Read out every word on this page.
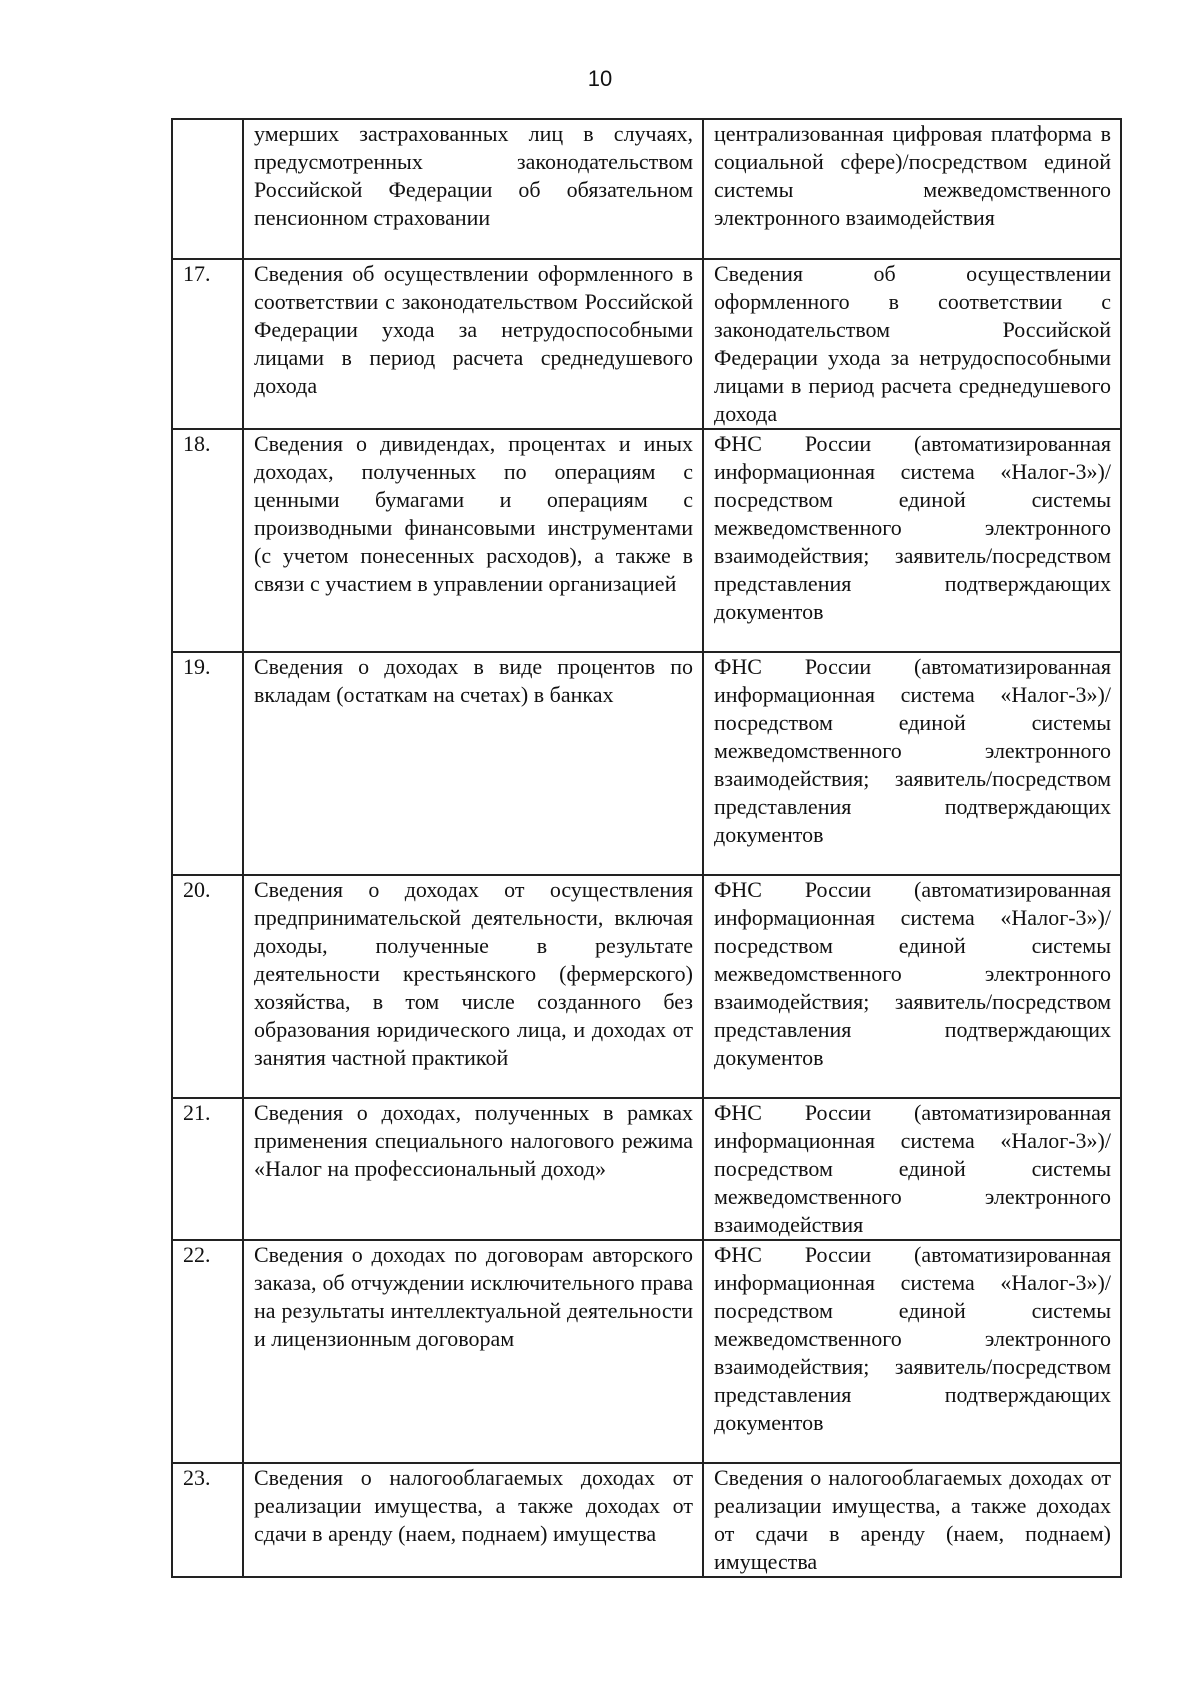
10
	умерших застрахованных лиц в случаях, предусмотренных законодательством Российской Федерации об обязательном пенсионном страховании	централизованная цифровая платформа в социальной сфере)/посредством единой системы межведомственного электронного взаимодействия
17.	Сведения об осуществлении оформленного в соответствии с законодательством Российской Федерации ухода за нетрудоспособными лицами в период расчета среднедушевого дохода	Сведения об осуществлении оформленного в соответствии с законодательством Российской Федерации ухода за нетрудоспособными лицами в период расчета среднедушевого дохода
18.	Сведения о дивидендах, процентах и иных доходах, полученных по операциям с ценными бумагами и операциям с производными финансовыми инструментами (с учетом понесенных расходов), а также в связи с участием в управлении организацией	ФНС России (автоматизированная информационная система «Налог-3»)/посредством единой системы межведомственного электронного взаимодействия; заявитель/посредством представления подтверждающих документов
19.	Сведения о доходах в виде процентов по вкладам (остаткам на счетах) в банках	ФНС России (автоматизированная информационная система «Налог-3»)/посредством единой системы межведомственного электронного взаимодействия; заявитель/посредством представления подтверждающих документов
20.	Сведения о доходах от осуществления предпринимательской деятельности, включая доходы, полученные в результате деятельности крестьянского (фермерского) хозяйства, в том числе созданного без образования юридического лица, и доходах от занятия частной практикой	ФНС России (автоматизированная информационная система «Налог-3»)/посредством единой системы межведомственного электронного взаимодействия; заявитель/посредством представления подтверждающих документов
21.	Сведения о доходах, полученных в рамках применения специального налогового режима «Налог на профессиональный доход»	ФНС России (автоматизированная информационная система «Налог-3»)/посредством единой системы межведомственного электронного взаимодействия
22.	Сведения о доходах по договорам авторского заказа, об отчуждении исключительного права на результаты интеллектуальной деятельности и лицензионным договорам	ФНС России (автоматизированная информационная система «Налог-3»)/посредством единой системы межведомственного электронного взаимодействия; заявитель/посредством представления подтверждающих документов
23.	Сведения о налогооблагаемых доходах от реализации имущества, а также доходах от сдачи в аренду (наем, поднаем) имущества	Сведения о налогооблагаемых доходах от реализации имущества, а также доходах от сдачи в аренду (наем, поднаем) имущества
